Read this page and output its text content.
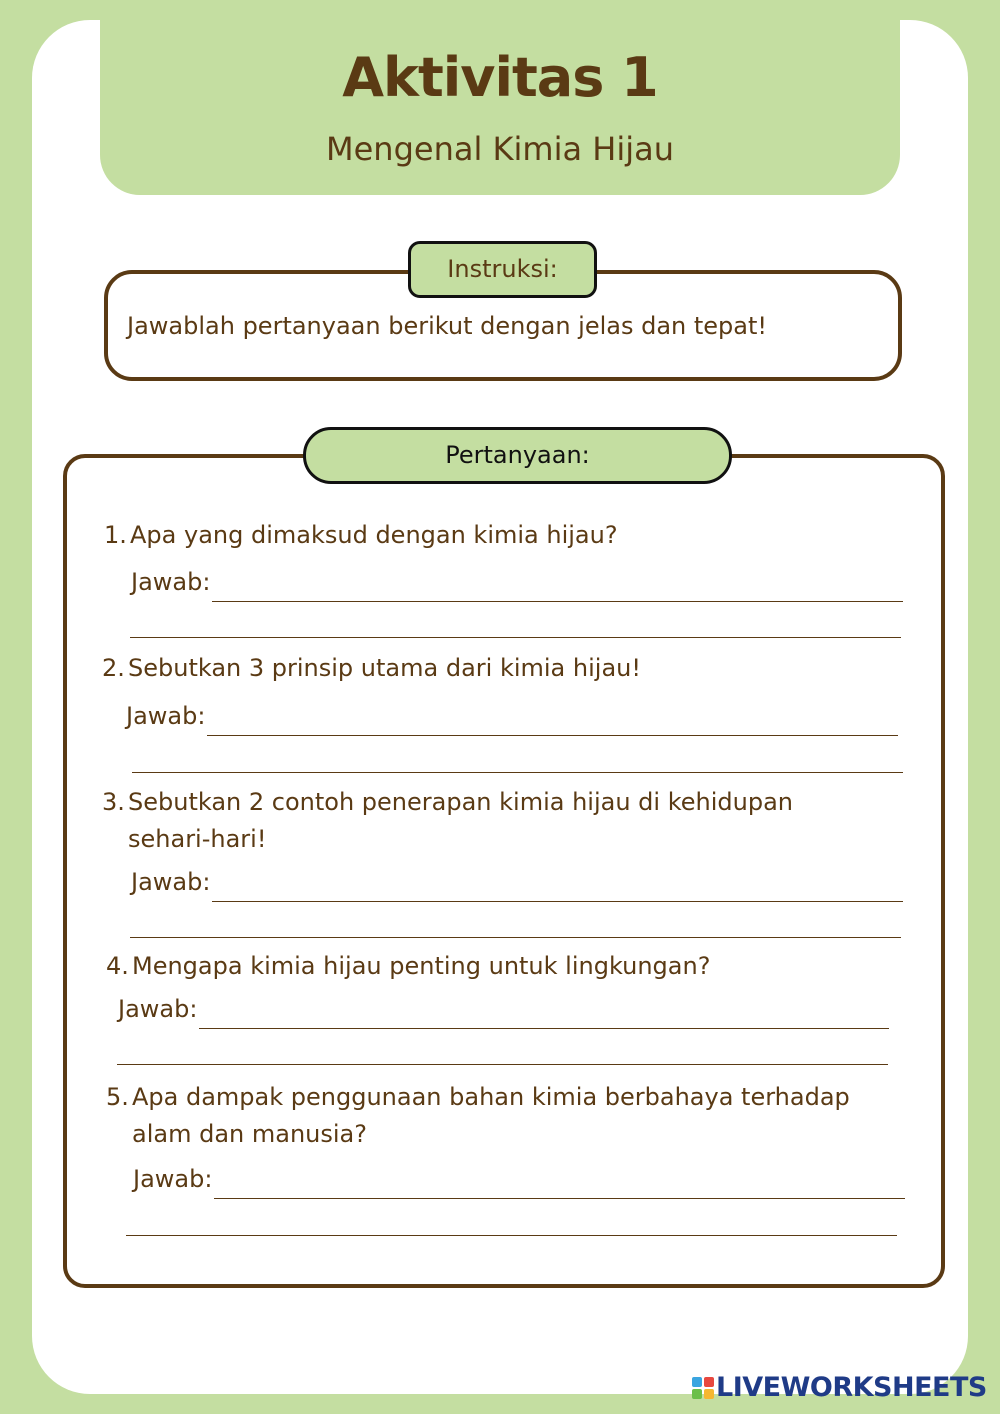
Aktivitas 1
Mengenal Kimia Hijau
Instruksi:
Jawablah pertanyaan berikut dengan jelas dan tepat!
Pertanyaan:
1. Apa yang dimaksud dengan kimia hijau?
Jawab:
2. Sebutkan 3 prinsip utama dari kimia hijau!
Jawab:
3. Sebutkan 2 contoh penerapan kimia hijau di kehidupan
sehari-hari!
Jawab:
4. Mengapa kimia hijau penting untuk lingkungan?
Jawab:
5. Apa dampak penggunaan bahan kimia berbahaya terhadap
alam dan manusia?
Jawab:
LIVEWORKSHEETS
